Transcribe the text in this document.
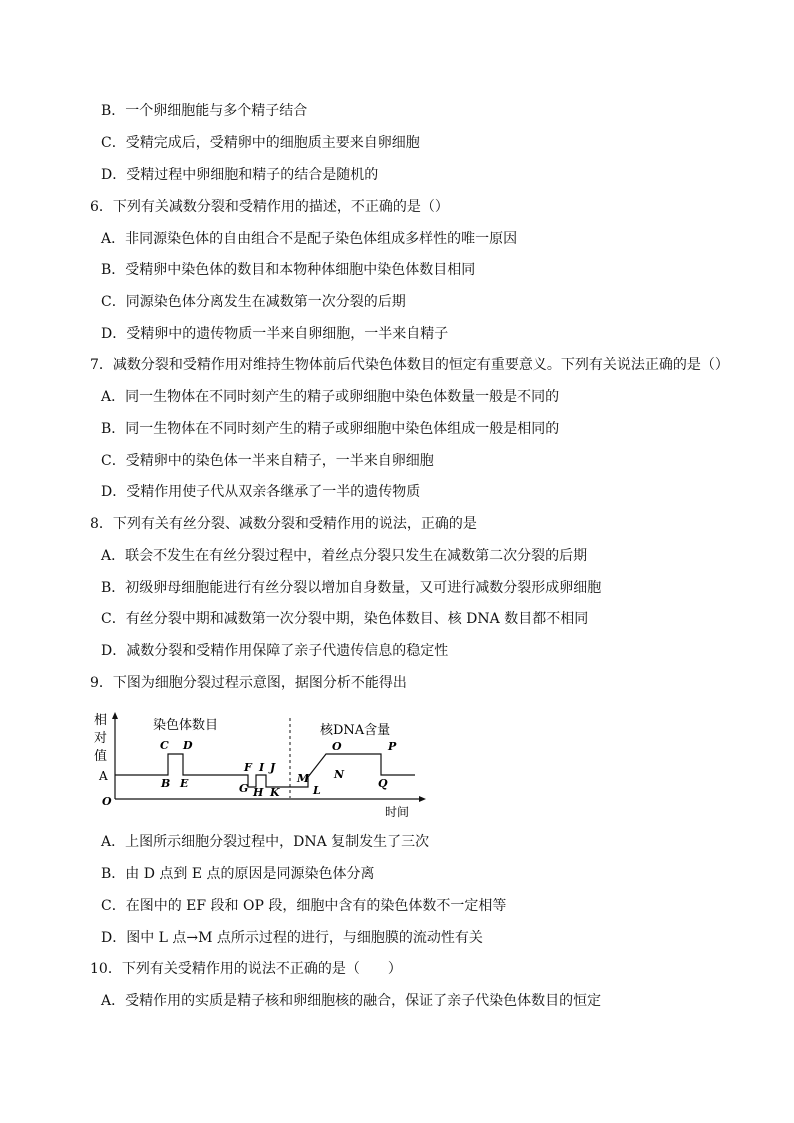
B．一个卵细胞能与多个精子结合
C．受精完成后，受精卵中的细胞质主要来自卵细胞
D．受精过程中卵细胞和精子的结合是随机的
6．下列有关减数分裂和受精作用的描述，不正确的是（）
A．非同源染色体的自由组合不是配子染色体组成多样性的唯一原因
B．受精卵中染色体的数目和本物种体细胞中染色体数目相同
C．同源染色体分离发生在减数第一次分裂的后期
D．受精卵中的遗传物质一半来自卵细胞，一半来自精子
7．减数分裂和受精作用对维持生物体前后代染色体数目的恒定有重要意义。下列有关说法正确的是（）
A．同一生物体在不同时刻产生的精子或卵细胞中染色体数量一般是不同的
B．同一生物体在不同时刻产生的精子或卵细胞中染色体组成一般是相同的
C．受精卵中的染色体一半来自精子，一半来自卵细胞
D．受精作用使子代从双亲各继承了一半的遗传物质
8．下列有关有丝分裂、减数分裂和受精作用的说法，正确的是
A．联会不发生在有丝分裂过程中，着丝点分裂只发生在减数第二次分裂的后期
B．初级卵母细胞能进行有丝分裂以增加自身数量，又可进行减数分裂形成卵细胞
C．有丝分裂中期和减数第一次分裂中期，染色体数目、核 DNA 数目都不相同
D．减数分裂和受精作用保障了亲子代遗传信息的稳定性
9．下图为细胞分裂过程示意图，据图分析不能得出
相
对
值
A
O
时间
染色体数目	核DNA含量
C D
B E
F I J
G H K
M
L
O
N
P
Q
A．上图所示细胞分裂过程中，DNA 复制发生了三次
B．由 D 点到 E 点的原因是同源染色体分离
C．在图中的 EF 段和 OP 段，细胞中含有的染色体数不一定相等
D．图中 L 点→M 点所示过程的进行，与细胞膜的流动性有关
10．下列有关受精作用的说法不正确的是（　　）
A．受精作用的实质是精子核和卵细胞核的融合，保证了亲子代染色体数目的恒定
